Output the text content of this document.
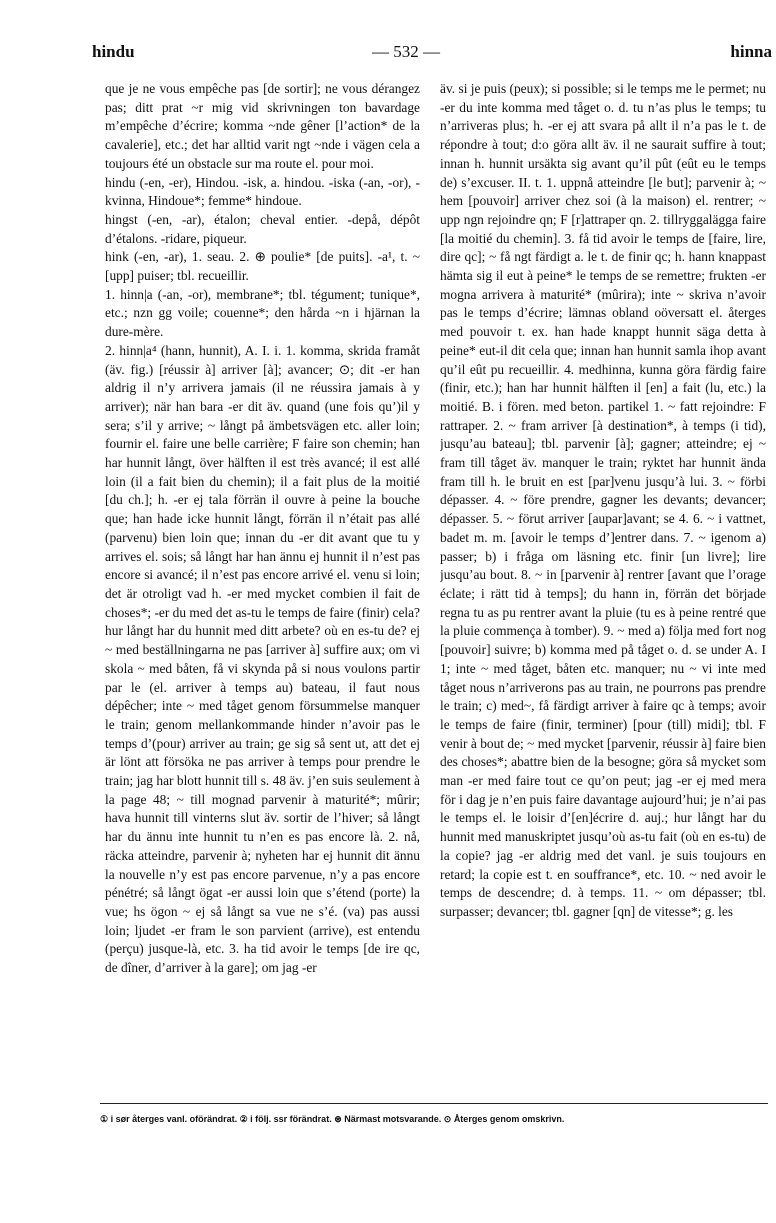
hindu	— 532 —	hinna

que je ne vous empêche pas [de sortir]; ne vous dérangez pas; ditt prat ~r mig vid skrivningen ton bavardage m’empêche d’écrire; komma ~nde gêner [l’action* de la cavalerie], etc.; det har alltid varit ngt ~nde i vägen cela a toujours été un obstacle sur ma route el. pour moi.

hindu (-en, -er), Hindou. -isk, a. hindou. -iska (-an, -or), -kvinna, Hindoue*; femme* hindoue.

hingst (-en, -ar), étalon; cheval entier. -depå, dépôt d’étalons. -ridare, piqueur.

hink (-en, -ar), 1. seau. 2. ⊕ poulie* [de puits]. -a¹, t. ~ [upp] puiser; tbl. recueillir.

1. hinn|a (-an, -or), membrane*; tbl. tégument; tunique*, etc.; nzn gg voile; couenne*; den hårda ~n i hjärnan la dure-mère.

2. hinn|a⁴ (hann, hunnit), A. I. i. 1. komma, skrida framåt (äv. fig.) [réussir à] arriver [à]; avancer; ⊙; dit -er han aldrig il n’y arrivera jamais (il ne réussira jamais à y arriver); när han bara -er dit äv. quand (une fois qu’)il y sera; s’il y arrive; ~ långt på ämbetsvägen etc. aller loin; fournir el. faire une belle carrière; F faire son chemin; han har hunnit långt, över hälften il est très avancé; il est allé loin (il a fait bien du chemin); il a fait plus de la moitié [du ch.]; h. -er ej tala förrän il ouvre à peine la bouche que; han hade icke hunnit långt, förrän il n’était pas allé (parvenu) bien loin que; innan du -er dit avant que tu y arrives el. sois; så långt har han ännu ej hunnit il n’est pas encore si avancé; il n’est pas encore arrivé el. venu si loin; det är otroligt vad h. -er med mycket combien il fait de choses*; -er du med det as-tu le temps de faire (finir) cela? hur långt har du hunnit med ditt arbete? où en es-tu de? ej ~ med beställningarna ne pas [arriver à] suffire aux; om vi skola ~ med båten, få vi skynda på si nous voulons partir par le (el. arriver à temps au) bateau, il faut nous dépêcher; inte ~ med tåget genom försummelse manquer le train; genom mellankommande hinder n’avoir pas le temps d’(pour) arriver au train; ge sig så sent ut, att det ej är lönt att försöka ne pas arriver à temps pour prendre le train; jag har blott hunnit till s. 48 äv. j’en suis seulement à la page 48; ~ till mognad parvenir à maturité*; mûrir; hava hunnit till vinterns slut äv. sortir de l’hiver; så långt har du ännu inte hunnit tu n’en es pas encore là. 2. nå, räcka atteindre, parvenir à; nyheten har ej hunnit dit ännu la nouvelle n’y est pas encore parvenue, n’y a pas encore pénétré; så långt ögat -er aussi loin que s’étend (porte) la vue; hs ögon ~ ej så långt sa vue ne s’é. (va) pas aussi loin; ljudet -er fram le son parvient (arrive), est entendu (perçu) jusque-là, etc. 3. ha tid avoir le temps [de ire qc, de dîner, d’arriver à la gare]; om jag -er

äv. si je puis (peux); si possible; si le temps me le permet; nu -er du inte komma med tåget o. d. tu n’as plus le temps; tu n’arriveras plus; h. -er ej att svara på allt il n’a pas le t. de répondre à tout; d:o göra allt äv. il ne saurait suffire à tout; innan h. hunnit ursäkta sig avant qu’il pût (eût eu le temps de) s’excuser. II. t. 1. uppnå atteindre [le but]; parvenir à; ~ hem [pouvoir] arriver chez soi (à la maison) el. rentrer; ~ upp ngn rejoindre qn; F [r]attraper qn. 2. tillryggalägga faire [la moitié du chemin]. 3. få tid avoir le temps de [faire, lire, dire qc]; ~ få ngt färdigt a. le t. de finir qc; h. hann knappast hämta sig il eut à peine* le temps de se remettre; frukten -er mogna arrivera à maturité* (mûrira); inte ~ skriva n’avoir pas le temps d’écrire; lämnas obland oöversatt el. återges med pouvoir t. ex. han hade knappt hunnit säga detta à peine* eut-il dit cela que; innan han hunnit samla ihop avant qu’il eût pu recueillir. 4. medhinna, kunna göra färdig faire (finir, etc.); han har hunnit hälften il [en] a fait (lu, etc.) la moitié. B. i fören. med beton. partikel 1. ~ fatt rejoindre: F rattraper. 2. ~ fram arriver [à destination*, à temps (i tid), jusqu’au bateau]; tbl. parvenir [à]; gagner; atteindre; ej ~ fram till tåget äv. manquer le train; ryktet har hunnit ända fram till h. le bruit en est [par]venu jusqu’à lui. 3. ~ förbi dépasser. 4. ~ före prendre, gagner les devants; devancer; dépasser. 5. ~ förut arriver [aupar]avant; se 4. 6. ~ i vattnet, badet m. m. [avoir le temps d’]entrer dans. 7. ~ igenom a) passer; b) i fråga om läsning etc. finir [un livre]; lire jusqu’au bout. 8. ~ in [parvenir à] rentrer [avant que l’orage éclate; i rätt tid à temps]; du hann in, förrän det började regna tu as pu rentrer avant la pluie (tu es à peine rentré que la pluie commença à tomber). 9. ~ med a) följa med fort nog [pouvoir] suivre; b) komma med på tåget o. d. se under A. I 1; inte ~ med tåget, båten etc. manquer; nu ~ vi inte med tåget nous n’arriverons pas au train, ne pourrons pas prendre le train; c) med~, få färdigt arriver à faire qc à temps; avoir le temps de faire (finir, terminer) [pour (till) midi]; tbl. F venir à bout de; ~ med mycket [parvenir, réussir à] faire bien des choses*; abattre bien de la besogne; göra så mycket som man -er med faire tout ce qu’on peut; jag -er ej med mera för i dag je n’en puis faire davantage aujourd’hui; je n’ai pas le temps el. le loisir d’[en]écrire d. auj.; hur långt har du hunnit med manuskriptet jusqu’où as-tu fait (où en es-tu) de la copie? jag -er aldrig med det vanl. je suis toujours en retard; la copie est t. en souffrance*, etc. 10. ~ ned avoir le temps de descendre; d. à temps. 11. ~ om dépasser; tbl. surpasser; devancer; tbl. gagner [qn] de vitesse*; g. les

① i sør återges vanl. oförändrat. ② i följ. ssr förändrat. ⊛ Närmast motsvarande. ⊙ Återges genom omskrivn.
